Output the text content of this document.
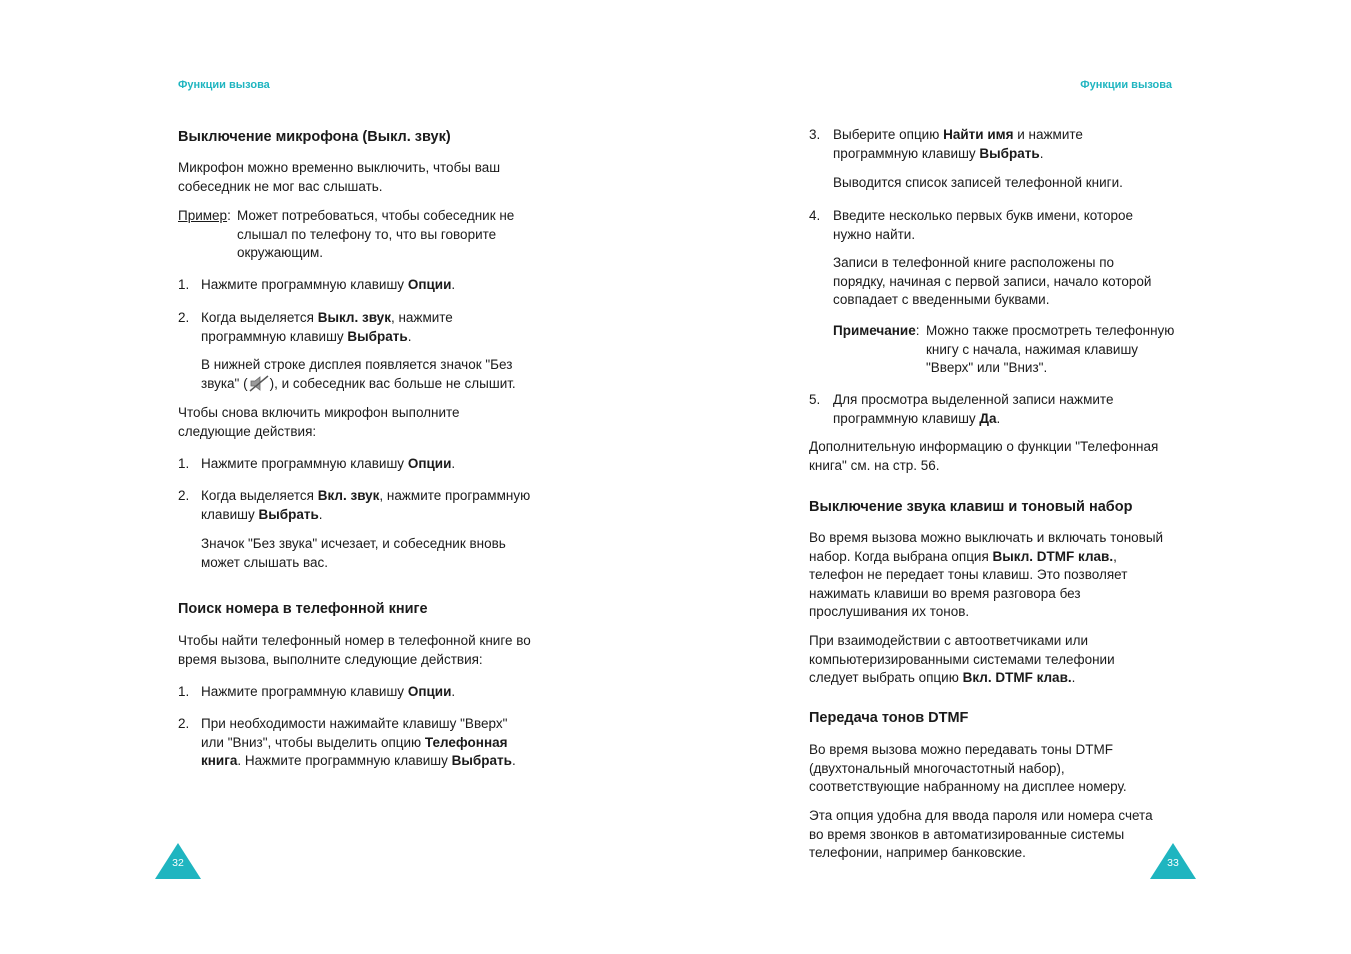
Функции вызова
Выключение микрофона (Выкл. звук)
Микрофон можно временно выключить, чтобы ваш
собеседник не мог вас слышать.
Пример: Может потребоваться, чтобы собеседник не
слышал по телефону то, что вы говорите
окружающим.
1. Нажмите программную клавишу Опции.
2. Когда выделяется Выкл. звук, нажмите
программную клавишу Выбрать.
В нижней строке дисплея появляется значок "Без
звука" ( ), и собеседник вас больше не слышит.
Чтобы снова включить микрофон выполните
следующие действия:
1. Нажмите программную клавишу Опции.
2. Когда выделяется Вкл. звук, нажмите программную
клавишу Выбрать.
Значок "Без звука" исчезает, и собеседник вновь
может слышать вас.
Поиск номера в телефонной книге
Чтобы найти телефонный номер в телефонной книге во
время вызова, выполните следующие действия:
1. Нажмите программную клавишу Опции.
2. При необходимости нажимайте клавишу "Вверх"
или "Вниз", чтобы выделить опцию Телефонная
книга. Нажмите программную клавишу Выбрать.
32
Функции вызова
3. Выберите опцию Найти имя и нажмите
программную клавишу Выбрать.
Выводится список записей телефонной книги.
4. Введите несколько первых букв имени, которое
нужно найти.
Записи в телефонной книге расположены по
порядку, начиная с первой записи, начало которой
совпадает с введенными буквами.
Примечание: Можно также просмотреть телефонную
книгу с начала, нажимая клавишу
"Вверх" или "Вниз".
5. Для просмотра выделенной записи нажмите
программную клавишу Да.
Дополнительную информацию о функции "Телефонная
книга" см. на стр. 56.
Выключение звука клавиш и тоновый набор
Во время вызова можно выключать и включать тоновый
набор. Когда выбрана опция Выкл. DTMF клав.,
телефон не передает тоны клавиш. Это позволяет
нажимать клавиши во время разговора без
прослушивания их тонов.
При взаимодействии с автоответчиками или
компьютеризированными системами телефонии
следует выбрать опцию Вкл. DTMF клав..
Передача тонов DTMF
Во время вызова можно передавать тоны DTMF
(двухтональный многочастотный набор),
соответствующие набранному на дисплее номеру.
Эта опция удобна для ввода пароля или номера счета
во время звонков в автоматизированные системы
телефонии, например банковские.
33
